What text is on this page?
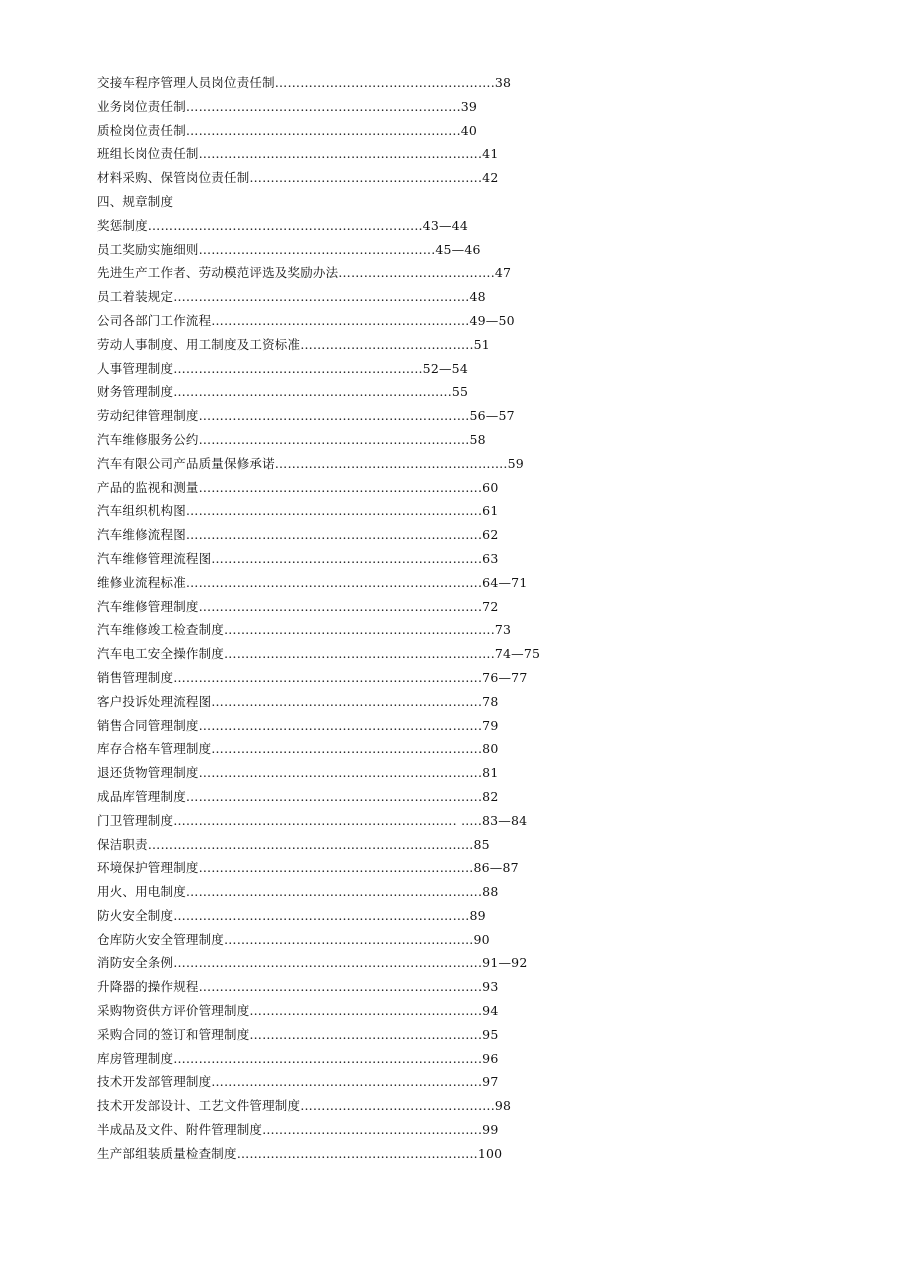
交接车程序管理人员岗位责任制…………………………………………….38
业务岗位责任制………………………………………..……………...39
质检岗位责任制………………………………………..……………...40
班组长岗位责任制………………………………………………………….41
材料采购、保管岗位责任制……………………………………………….42
四、规章制度
奖惩制度…………………………………………..…………...43—44
员工奖励实施细则………………………..……………………...45—46
先进生产工作者、劳动模范评选及奖励办法……………………………….47
员工着装规定…………………………………………………………….48
公司各部门工作流程…………………………………………………….49—50
劳动人事制度、用工制度及工资标准…………………………………..51
人事管理制度…………………………………..……………...52—54
财务管理制度…………………………………..……………..........55
劳动纪律管理制度……………………………………………………….56—57
汽车维修服务公约……………………………………………………….58
汽车有限公司产品质量保修承诺……………………………………………….59
产品的监视和测量………………………………………………………….60
汽车组织机构图…………………………………………………………….61
汽车维修流程图…………………………………………………………….62
汽车维修管理流程图……………………………………………………….63
维修业流程标准…………………………………………………………….64—71
汽车维修管理制度………………………………………………………….72
汽车维修竣工检查制度……………………………………………………….73
汽车电工安全操作制度……………………………………………………….74—75
销售管理制度……………………………………………………………….76—77
客户投诉处理流程图……………………………………………………….78
销售合同管理制度………………………………………………………….79
库存合格车管理制度……………………………………………………….80
退还货物管理制度………………………………………………………….81
成品库管理制度…………………………………………………………….82
门卫管理制度…………………………………………………………. …..83—84
保洁职责………………………………………..………………………...85
环境保护管理制度……………………………………………...………..86—87
用火、用电制度…………………………………………………………….88
防火安全制度…………………………………………………………….89
仓库防火安全管理制度………..………………………………………...90
消防安全条例……………………………………………………………….91—92
升降器的操作规程………………………………………………………….93
采购物资供方评价管理制度……………………………………………….94
采购合同的签订和管理制度……………………………………………….95
库房管理制度……………………………………………………………….96
技术开发部管理制度……………………………………………………….97
技术开发部设计、工艺文件管理制度……………………………………….98
半成品及文件、附件管理制度…………………………………………….99
生产部组装质量检查制度………………………………………………...100
